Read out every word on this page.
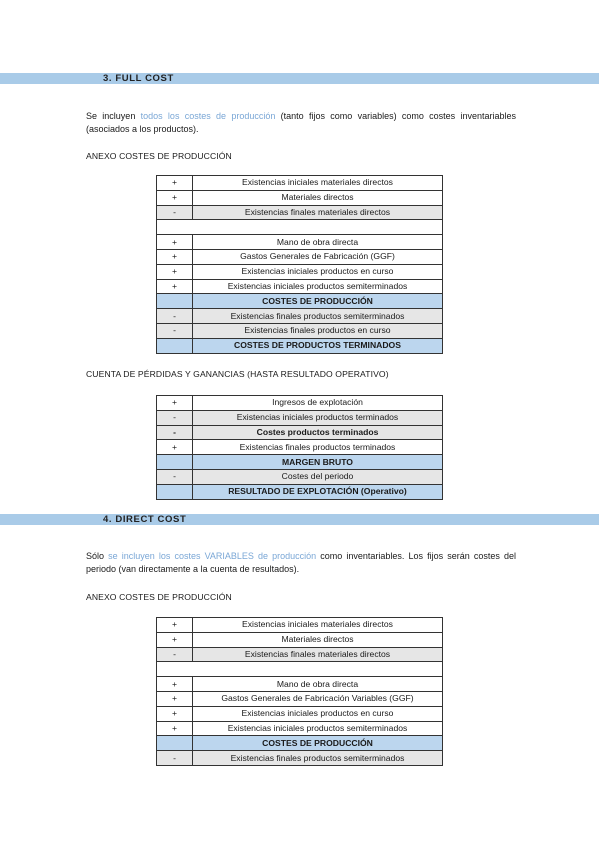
3. FULL COST
Se incluyen todos los costes de producción (tanto fijos como variables) como costes inventariables (asociados a los productos).
ANEXO COSTES DE PRODUCCIÓN
+	Existencias iniciales materiales directos
+	Materiales directos
-	Existencias finales materiales directos

+	Mano de obra directa
+	Gastos Generales de Fabricación (GGF)
+	Existencias iniciales productos en curso
+	Existencias iniciales productos semiterminados
	COSTES DE PRODUCCIÓN
-	Existencias finales productos semiterminados
-	Existencias finales productos en curso
	COSTES DE PRODUCTOS TERMINADOS
CUENTA DE PÉRDIDAS Y GANANCIAS (HASTA RESULTADO OPERATIVO)
+	Ingresos de explotación
-	Existencias iniciales productos terminados
-	Costes productos terminados
+	Existencias finales productos terminados
	MARGEN BRUTO
-	Costes del periodo
	RESULTADO DE EXPLOTACIÓN (Operativo)
4. DIRECT COST
Sólo se incluyen los costes VARIABLES de producción como inventariables. Los fijos serán costes del periodo (van directamente a la cuenta de resultados).
ANEXO COSTES DE PRODUCCIÓN
+	Existencias iniciales materiales directos
+	Materiales directos
-	Existencias finales materiales directos

+	Mano de obra directa
+	Gastos Generales de Fabricación Variables (GGF)
+	Existencias iniciales productos en curso
+	Existencias iniciales productos semiterminados
	COSTES DE PRODUCCIÓN
-	Existencias finales productos semiterminados
